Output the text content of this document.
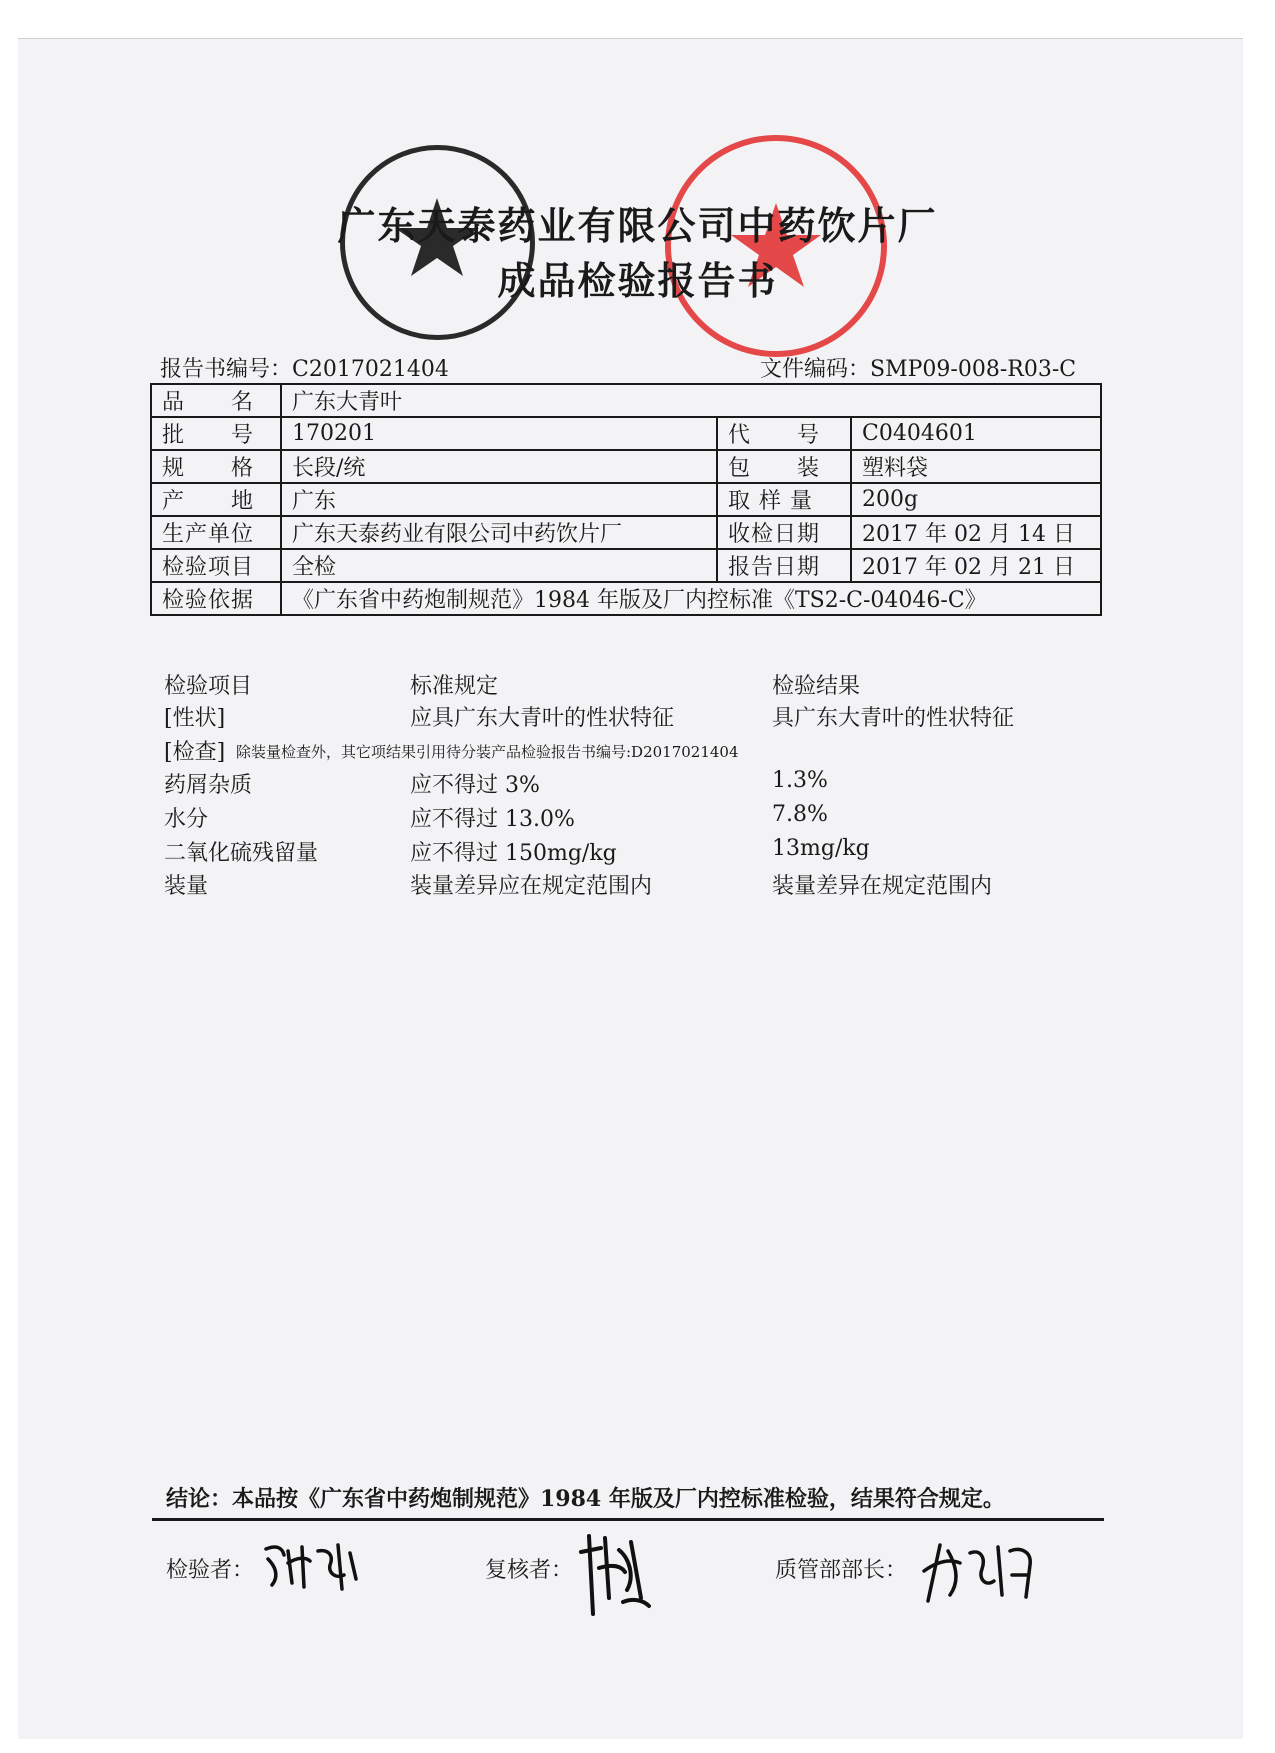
广东天泰药业有限公司中药饮片厂
成品检验报告书
报告书编号：C2017021404	文件编码：SMP09-008-R03-C
品　　名	广东大青叶		
批　　号	170201	代　　号	C0404601
规　　格	长段/统	包　　装	塑料袋
产　　地	广东	取 样 量	200g
生产单位	广东天泰药业有限公司中药饮片厂	收检日期	2017 年 02 月 14 日
检验项目	全检	报告日期	2017 年 02 月 21 日
检验依据	《广东省中药炮制规范》1984 年版及厂内控标准《TS2-C-04046-C》		
检验项目	标准规定	检验结果
[性状]	应具广东大青叶的性状特征	具广东大青叶的性状特征
[检查] 除装量检查外，其它项结果引用待分装产品检验报告书编号:D2017021404
药屑杂质	应不得过 3%	1.3%
水分	应不得过 13.0%	7.8%
二氧化硫残留量	应不得过 150mg/kg	13mg/kg
装量	装量差异应在规定范围内	装量差异在规定范围内
结论：本品按《广东省中药炮制规范》1984 年版及厂内控标准检验，结果符合规定。
检验者：	复核者：	质管部部长：
